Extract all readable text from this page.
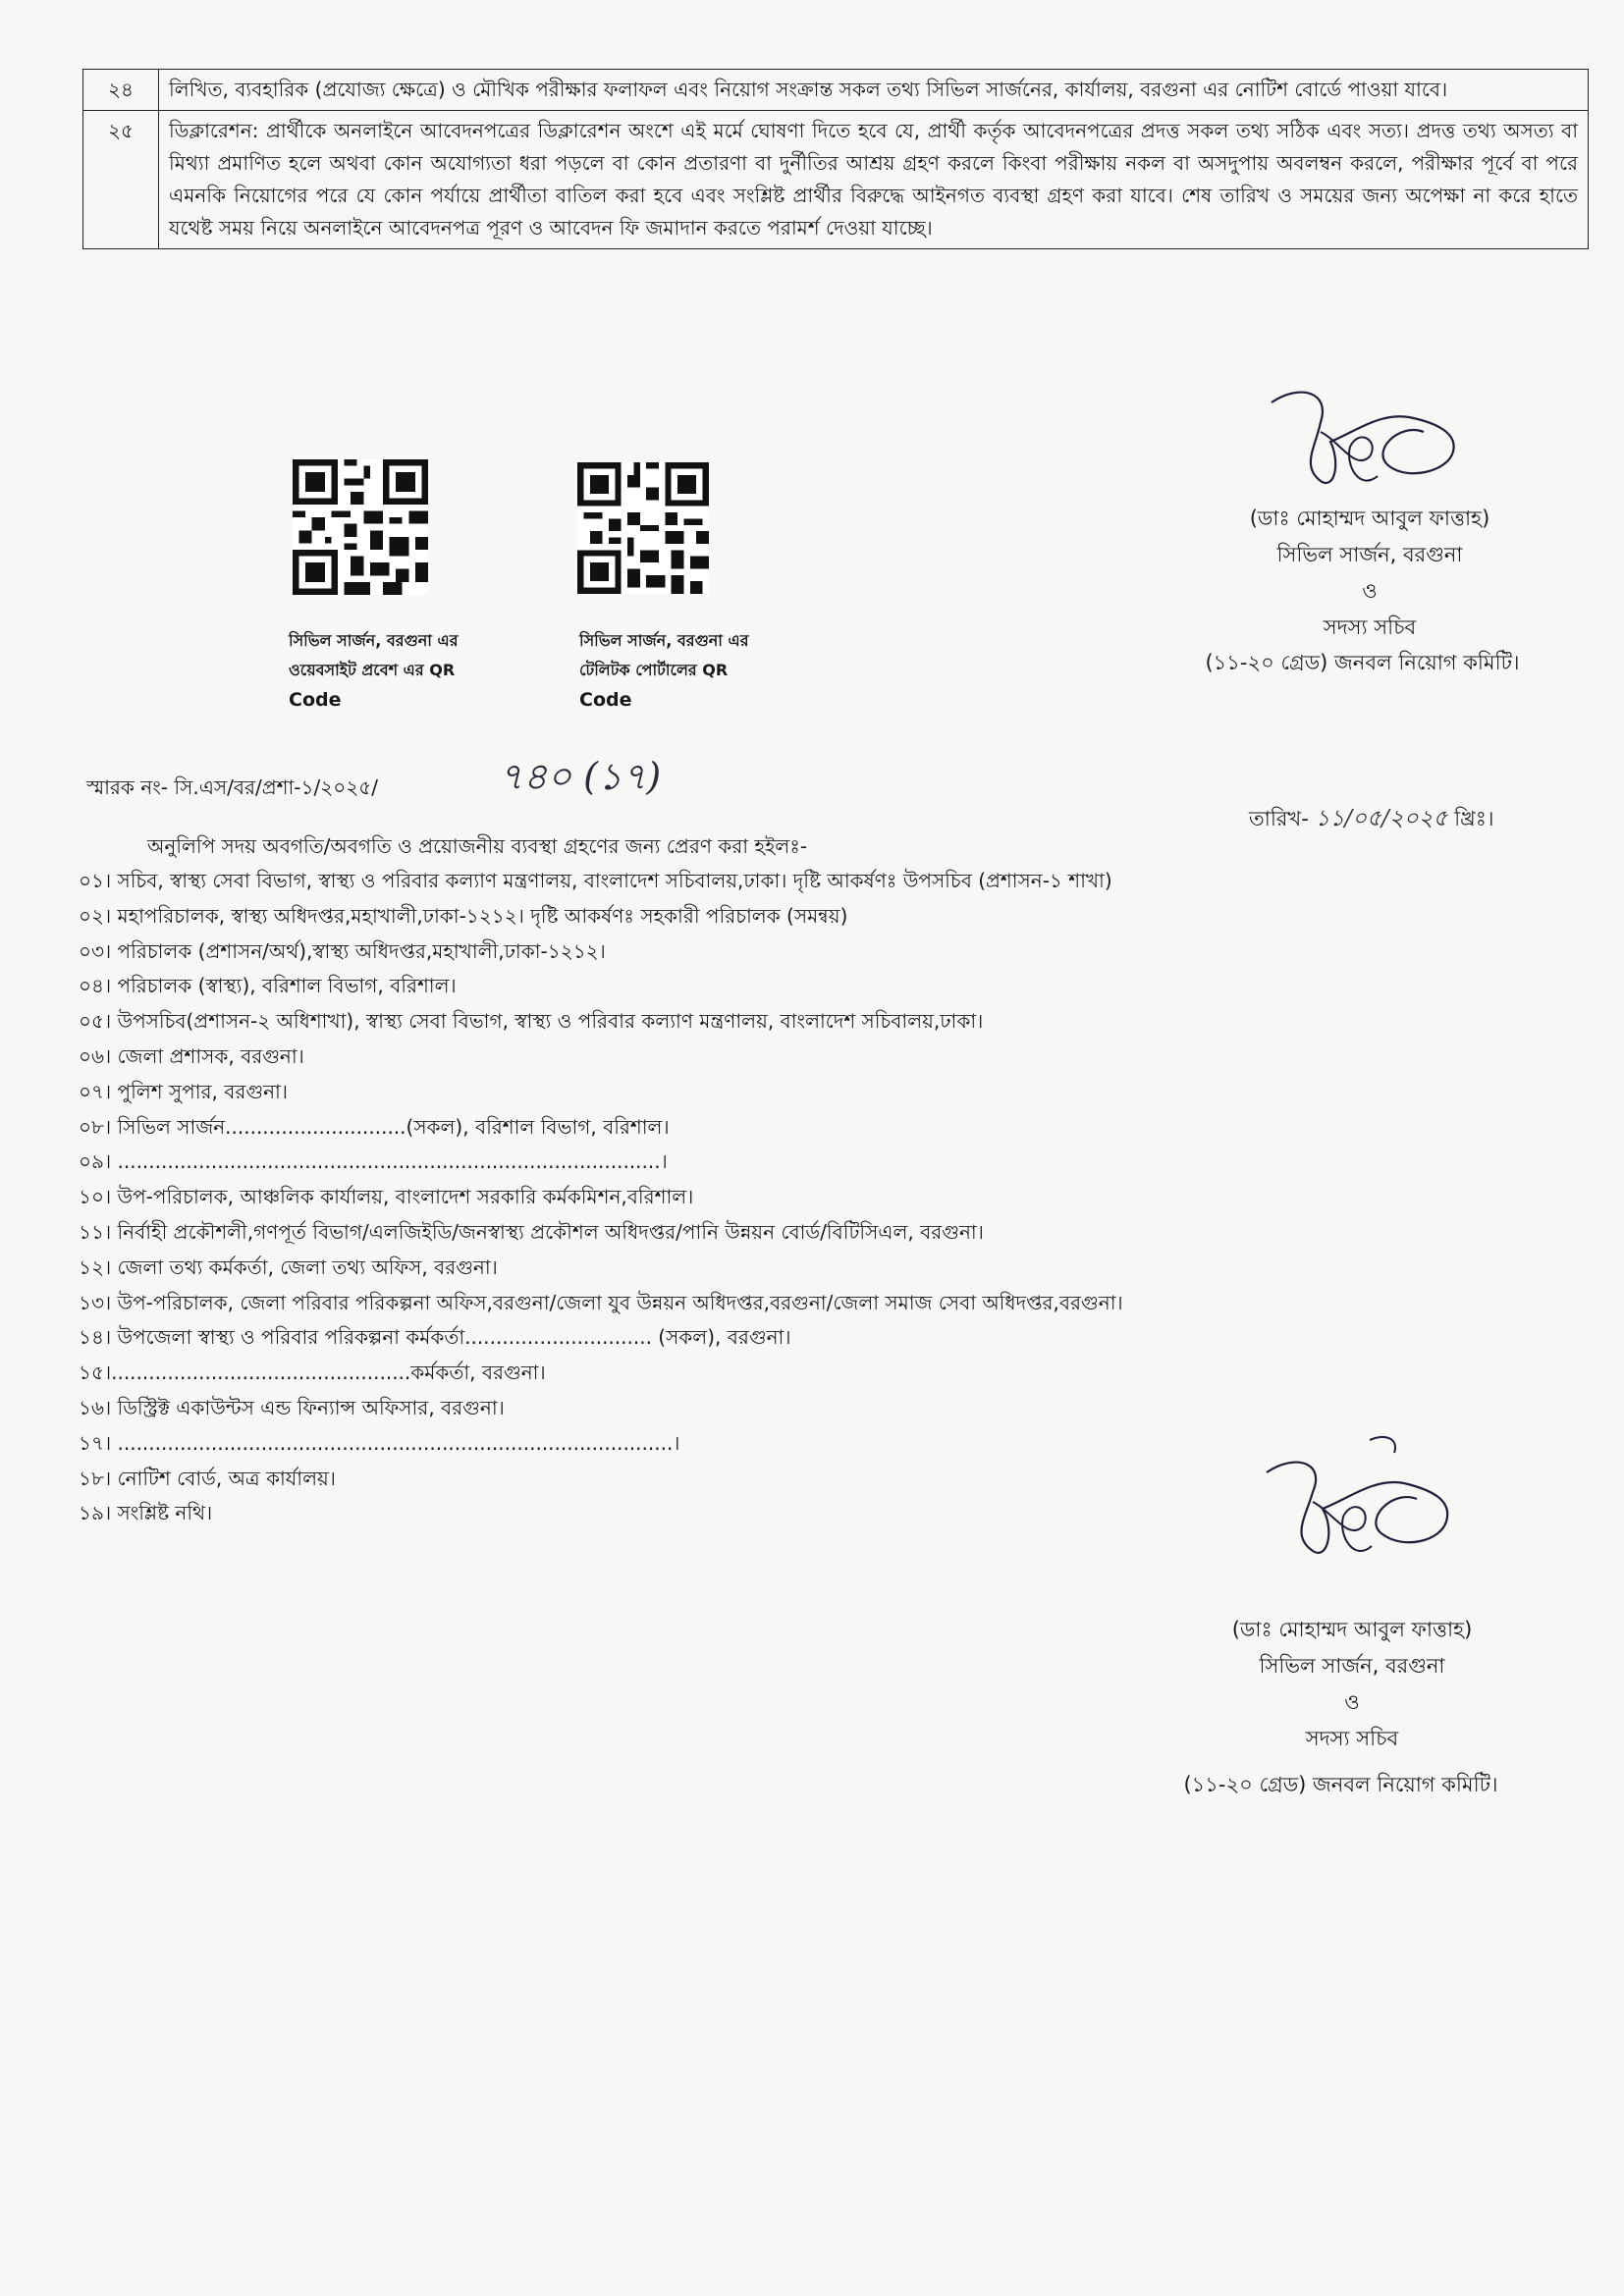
২৪	লিখিত, ব্যবহারিক (প্রযোজ্য ক্ষেত্রে) ও মৌখিক পরীক্ষার ফলাফল এবং নিয়োগ সংক্রান্ত সকল তথ্য সিভিল সার্জনের, কার্যালয়, বরগুনা এর নোটিশ বোর্ডে পাওয়া যাবে।
২৫	ডিক্লারেশন: প্রার্থীকে অনলাইনে আবেদনপত্রের ডিক্লারেশন অংশে এই মর্মে ঘোষণা দিতে হবে যে, প্রার্থী কর্তৃক আবেদনপত্রের প্রদত্ত সকল তথ্য সঠিক এবং সত্য। প্রদত্ত তথ্য অসত্য বা মিথ্যা প্রমাণিত হলে অথবা কোন অযোগ্যতা ধরা পড়লে বা কোন প্রতারণা বা দুর্নীতির আশ্রয় গ্রহণ করলে কিংবা পরীক্ষায় নকল বা অসদুপায় অবলম্বন করলে, পরীক্ষার পূর্বে বা পরে এমনকি নিয়োগের পরে যে কোন পর্যায়ে প্রার্থীতা বাতিল করা হবে এবং সংশ্লিষ্ট প্রার্থীর বিরুদ্ধে আইনগত ব্যবস্থা গ্রহণ করা যাবে। শেষ তারিখ ও সময়ের জন্য অপেক্ষা না করে হাতে যথেষ্ট সময় নিয়ে অনলাইনে আবেদনপত্র পূরণ ও আবেদন ফি জমাদান করতে পরামর্শ দেওয়া যাচ্ছে।
(ডাঃ মোহাম্মদ আবুল ফাত্তাহ)
সিভিল সার্জন, বরগুনা
ও
সদস্য সচিব
(১১-২০ গ্রেড) জনবল নিয়োগ কমিটি।
সিভিল সার্জন, বরগুনা এর
ওয়েবসাইট প্রবেশ এর QR
Code
সিভিল সার্জন, বরগুনা এর
টেলিটক পোর্টালের QR
Code
স্মারক নং- সি.এস/বর/প্রশা-১/২০২৫/	৭৪০ (১৭)
তারিখ- ১১/০৫/২০২৫ খ্রিঃ।
অনুলিপি সদয় অবগতি/অবগতি ও প্রয়োজনীয় ব্যবস্থা গ্রহণের জন্য প্রেরণ করা হইলঃ-
০১। সচিব, স্বাস্থ্য সেবা বিভাগ, স্বাস্থ্য ও পরিবার কল্যাণ মন্ত্রণালয়, বাংলাদেশ সচিবালয়,ঢাকা। দৃষ্টি আকর্ষণঃ উপসচিব (প্রশাসন-১ শাখা)
০২। মহাপরিচালক, স্বাস্থ্য অধিদপ্তর,মহাখালী,ঢাকা-১২১২। দৃষ্টি আকর্ষণঃ সহকারী পরিচালক (সমন্বয়)
০৩। পরিচালক (প্রশাসন/অর্থ),স্বাস্থ্য অধিদপ্তর,মহাখালী,ঢাকা-১২১২।
০৪। পরিচালক (স্বাস্থ্য), বরিশাল বিভাগ, বরিশাল।
০৫। উপসচিব(প্রশাসন-২ অধিশাখা), স্বাস্থ্য সেবা বিভাগ, স্বাস্থ্য ও পরিবার কল্যাণ মন্ত্রণালয়, বাংলাদেশ সচিবালয়,ঢাকা।
০৬। জেলা প্রশাসক, বরগুনা।
০৭। পুলিশ সুপার, বরগুনা।
০৮। সিভিল সার্জন.............................(সকল), বরিশাল বিভাগ, বরিশাল।
০৯। .......................................................................................।
১০। উপ-পরিচালক, আঞ্চলিক কার্যালয়, বাংলাদেশ সরকারি কর্মকমিশন,বরিশাল।
১১। নির্বাহী প্রকৌশলী,গণপূর্ত বিভাগ/এলজিইডি/জনস্বাস্থ্য প্রকৌশল অধিদপ্তর/পানি উন্নয়ন বোর্ড/বিটিসিএল, বরগুনা।
১২। জেলা তথ্য কর্মকর্তা, জেলা তথ্য অফিস, বরগুনা।
১৩। উপ-পরিচালক, জেলা পরিবার পরিকল্পনা অফিস,বরগুনা/জেলা যুব উন্নয়ন অধিদপ্তর,বরগুনা/জেলা সমাজ সেবা অধিদপ্তর,বরগুনা।
১৪। উপজেলা স্বাস্থ্য ও পরিবার পরিকল্পনা কর্মকর্তা.............................. (সকল), বরগুনা।
১৫।................................................কর্মকর্তা, বরগুনা।
১৬। ডিস্ট্রিক্ট একাউন্টস এন্ড ফিন্যান্স অফিসার, বরগুনা।
১৭। .........................................................................................।
১৮। নোটিশ বোর্ড, অত্র কার্যালয়।
১৯। সংশ্লিষ্ট নথি।
(ডাঃ মোহাম্মদ আবুল ফাত্তাহ)
সিভিল সার্জন, বরগুনা
ও
সদস্য সচিব
(১১-২০ গ্রেড) জনবল নিয়োগ কমিটি।
